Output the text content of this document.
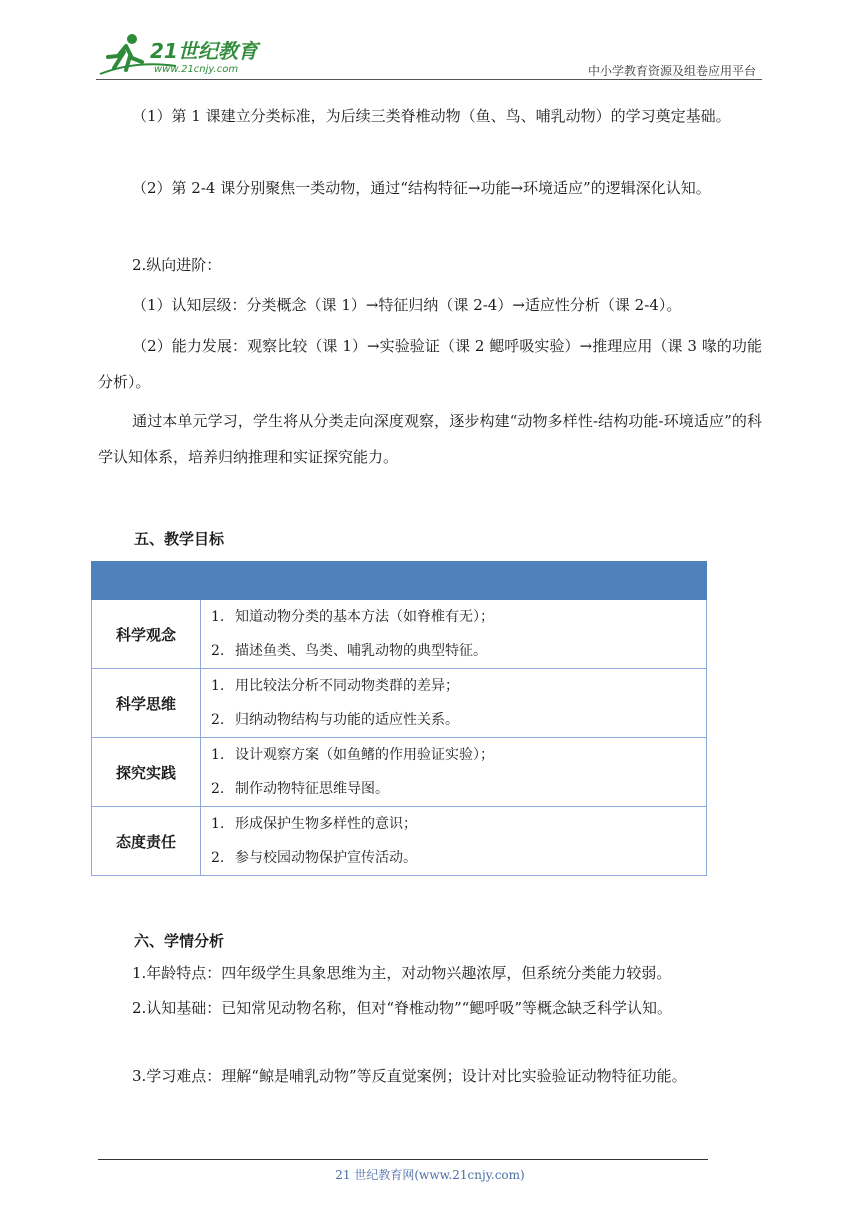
21世纪教育
www.21cnjy.com	中小学教育资源及组卷应用平台
（1）第 1 课建立分类标准，为后续三类脊椎动物（鱼、鸟、哺乳动物）的学习奠定基础。
（2）第 2-4 课分别聚焦一类动物，通过“结构特征→功能→环境适应”的逻辑深化认知。
2.纵向进阶：
（1）认知层级：分类概念（课 1）→特征归纳（课 2-4）→适应性分析（课 2-4）。
（2）能力发展：观察比较（课 1）→实验验证（课 2 鳃呼吸实验）→推理应用（课 3 喙的功能分析）。
通过本单元学习，学生将从分类走向深度观察，逐步构建“动物多样性-结构功能-环境适应”的科学认知体系，培养归纳推理和实证探究能力。
五、教学目标

科学观念	1. 知道动物分类的基本方法（如脊椎有无）；
2. 描述鱼类、鸟类、哺乳动物的典型特征。

科学思维	1. 用比较法分析不同动物类群的差异；
2. 归纳动物结构与功能的适应性关系。

探究实践	1. 设计观察方案（如鱼鳍的作用验证实验）；
2. 制作动物特征思维导图。

态度责任	1. 形成保护生物多样性的意识；
2. 参与校园动物保护宣传活动。
六、学情分析
1.年龄特点：四年级学生具象思维为主，对动物兴趣浓厚，但系统分类能力较弱。
2.认知基础：已知常见动物名称，但对“脊椎动物”“鳃呼吸”等概念缺乏科学认知。
3.学习难点：理解“鲸是哺乳动物”等反直觉案例；设计对比实验验证动物特征功能。
21 世纪教育网(www.21cnjy.com)
